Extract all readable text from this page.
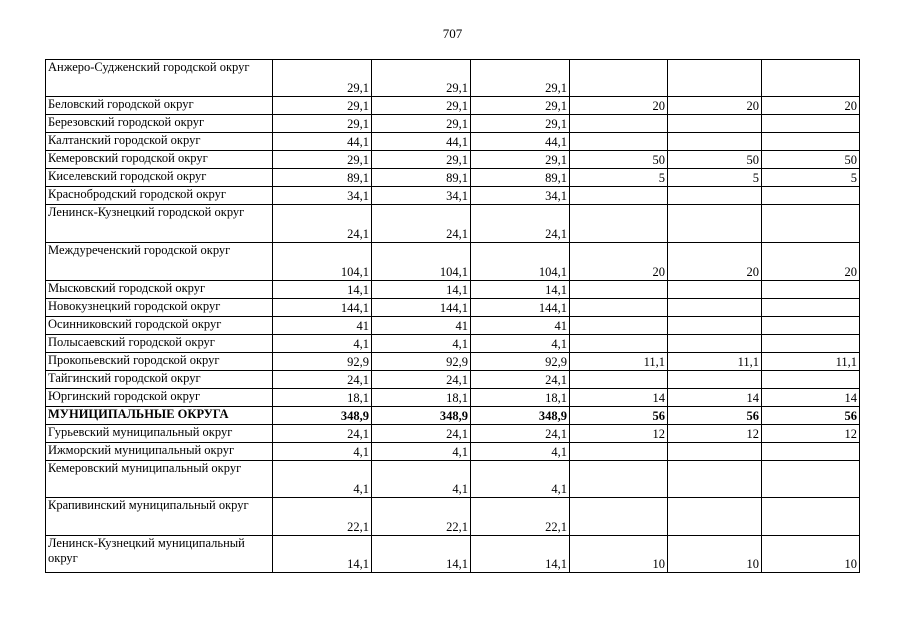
707
Анжеро-Судженский городской округ	29,1	29,1	29,1			
Беловский городской округ	29,1	29,1	29,1	20	20	20
Березовский городской округ	29,1	29,1	29,1			
Калтанский городской округ	44,1	44,1	44,1			
Кемеровский городской округ	29,1	29,1	29,1	50	50	50
Киселевский городской округ	89,1	89,1	89,1	5	5	5
Краснобродский городской округ	34,1	34,1	34,1			
Ленинск-Кузнецкий городской округ	24,1	24,1	24,1			
Междуреченский городской округ	104,1	104,1	104,1	20	20	20
Мысковский городской округ	14,1	14,1	14,1			
Новокузнецкий городской округ	144,1	144,1	144,1			
Осинниковский городской округ	41	41	41			
Полысаевский городской округ	4,1	4,1	4,1			
Прокопьевский городской округ	92,9	92,9	92,9	11,1	11,1	11,1
Тайгинский городской округ	24,1	24,1	24,1			
Юргинский городской округ	18,1	18,1	18,1	14	14	14
МУНИЦИПАЛЬНЫЕ ОКРУГА	348,9	348,9	348,9	56	56	56
Гурьевский муниципальный округ	24,1	24,1	24,1	12	12	12
Ижморский муниципальный округ	4,1	4,1	4,1			
Кемеровский муниципальный округ	4,1	4,1	4,1			
Крапивинский муниципальный округ	22,1	22,1	22,1			
Ленинск-Кузнецкий муниципальный округ	14,1	14,1	14,1	10	10	10
